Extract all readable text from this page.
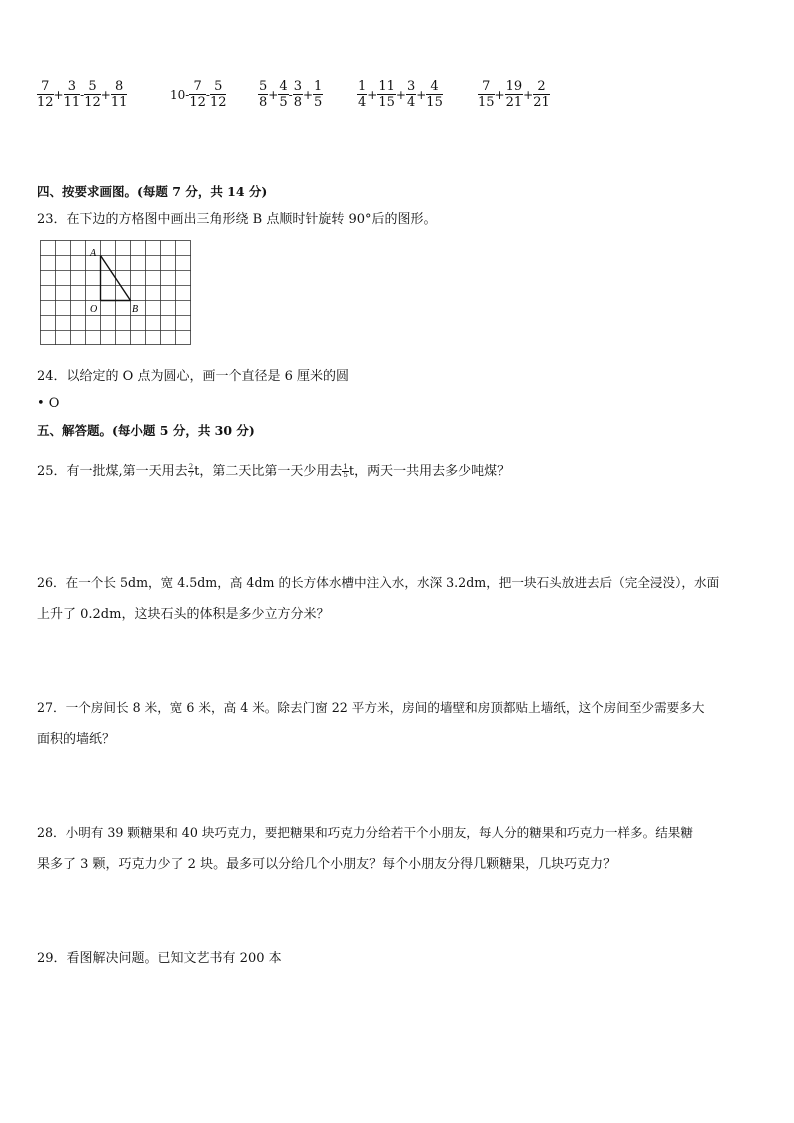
$\frac{7}{12} + \frac{3}{11} - \frac{5}{12} + \frac{8}{11}$	$10- \frac{7}{12} - \frac{5}{12} \frac{5}{8} + \frac{4}{5} - \frac{3}{8} + \frac{1}{5}$	$\frac{1}{4} + \frac{11}{15} + \frac{3}{4} + \frac{4}{15}$	$\frac{7}{15} + \frac{19}{21} + \frac{2}{21}$
四、按要求画图。(每题 7 分，共 14 分)
23．在下边的方格图中画出三角形绕 B 点顺时针旋转 90°后的图形。
A
O	B
24．以给定的 O 点为圆心，画一个直径是 6 厘米的圆
• O
五、解答题。(每小题 5 分，共 30 分)
25．有一批煤,第一天用去 $\frac{2}{7}$ t，第二天比第一天少用去 $\frac{1}{5}$ t，两天一共用去多少吨煤？
26．在一个长 5dm，宽 4.5dm，高 4dm 的长方体水槽中注入水，水深 3.2dm，把一块石头放进去后（完全浸没），水面
上升了 0.2dm，这块石头的体积是多少立方分米？
27．一个房间长 8 米，宽 6 米，高 4 米。除去门窗 22 平方米，房间的墙壁和房顶都贴上墙纸，这个房间至少需要多大
面积的墙纸？
28．小明有 39 颗糖果和 40 块巧克力，要把糖果和巧克力分给若干个小朋友，每人分的糖果和巧克力一样多。结果糖
果多了 3 颗，巧克力少了 2 块。最多可以分给几个小朋友？每个小朋友分得几颗糖果，几块巧克力？
29．看图解决问题。已知文艺书有 200 本
